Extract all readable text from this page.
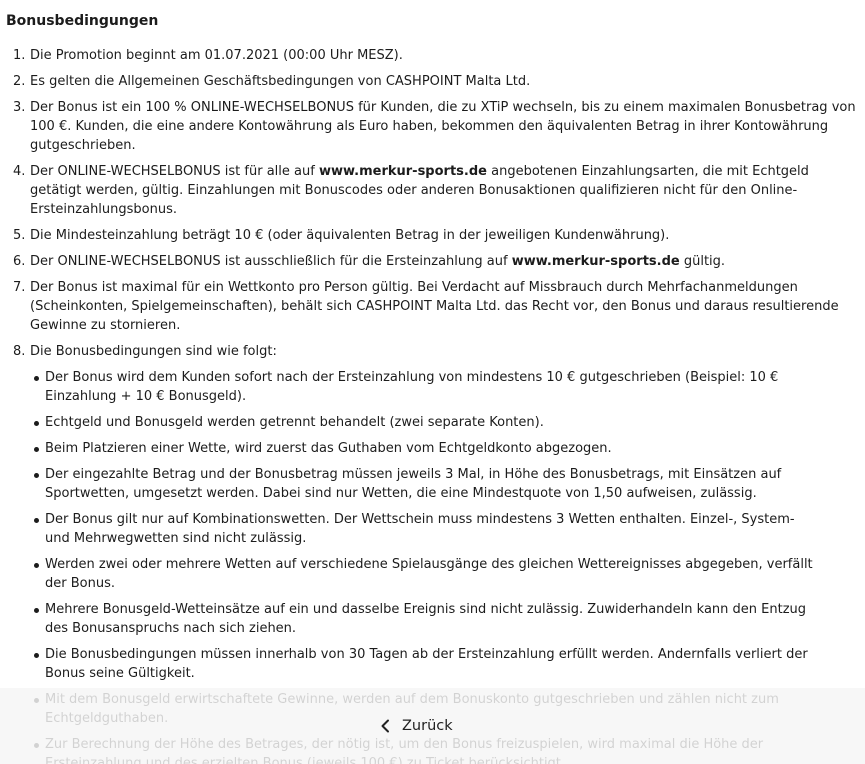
Bonusbedingungen
Die Promotion beginnt am 01.07.2021 (00:00 Uhr MESZ).
Es gelten die Allgemeinen Geschäftsbedingungen von CASHPOINT Malta Ltd.
Der Bonus ist ein 100 % ONLINE-WECHSELBONUS für Kunden, die zu XTiP wechseln, bis zu einem maximalen Bonusbetrag von 100 €. Kunden, die eine andere Kontowährung als Euro haben, bekommen den äquivalenten Betrag in ihrer Kontowährung gutgeschrieben.
Der ONLINE-WECHSELBONUS ist für alle auf www.merkur-sports.de angebotenen Einzahlungsarten, die mit Echtgeld getätigt werden, gültig. Einzahlungen mit Bonuscodes oder anderen Bonusaktionen qualifizieren nicht für den Online-Ersteinzahlungsbonus.
Die Mindesteinzahlung beträgt 10 € (oder äquivalenten Betrag in der jeweiligen Kundenwährung).
Der ONLINE-WECHSELBONUS ist ausschließlich für die Ersteinzahlung auf www.merkur-sports.de gültig.
Der Bonus ist maximal für ein Wettkonto pro Person gültig. Bei Verdacht auf Missbrauch durch Mehrfachanmeldungen (Scheinkonten, Spielgemeinschaften), behält sich CASHPOINT Malta Ltd. das Recht vor, den Bonus und daraus resultierende Gewinne zu stornieren.
Die Bonusbedingungen sind wie folgt:
Der Bonus wird dem Kunden sofort nach der Ersteinzahlung von mindestens 10 € gutgeschrieben (Beispiel: 10 € Einzahlung + 10 € Bonusgeld).
Echtgeld und Bonusgeld werden getrennt behandelt (zwei separate Konten).
Beim Platzieren einer Wette, wird zuerst das Guthaben vom Echtgeldkonto abgezogen.
Der eingezahlte Betrag und der Bonusbetrag müssen jeweils 3 Mal, in Höhe des Bonusbetrags, mit Einsätzen auf Sportwetten, umgesetzt werden. Dabei sind nur Wetten, die eine Mindestquote von 1,50 aufweisen, zulässig.
Der Bonus gilt nur auf Kombinationswetten. Der Wettschein muss mindestens 3 Wetten enthalten. Einzel-, System- und Mehrwegwetten sind nicht zulässig.
Werden zwei oder mehrere Wetten auf verschiedene Spielausgänge des gleichen Wettereignisses abgegeben, verfällt der Bonus.
Mehrere Bonusgeld-Wetteinsätze auf ein und dasselbe Ereignis sind nicht zulässig. Zuwiderhandeln kann den Entzug des Bonusanspruchs nach sich ziehen.
Die Bonusbedingungen müssen innerhalb von 30 Tagen ab der Ersteinzahlung erfüllt werden. Andernfalls verliert der Bonus seine Gültigkeit.
Zurück
